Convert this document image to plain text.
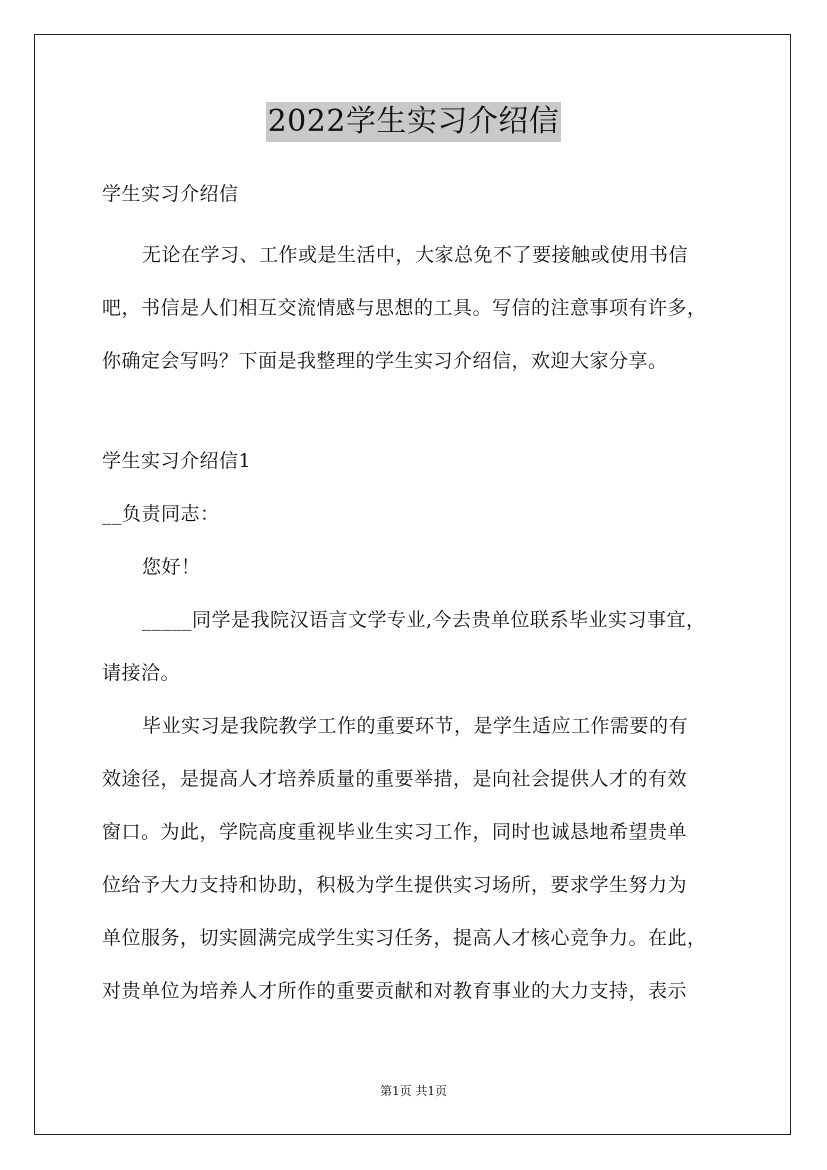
2022学生实习介绍信
学生实习介绍信
无论在学习、工作或是生活中，大家总免不了要接触或使用书信
吧，书信是人们相互交流情感与思想的工具。写信的注意事项有许多，
你确定会写吗？下面是我整理的学生实习介绍信，欢迎大家分享。
学生实习介绍信1
__负责同志：
您好！
_____同学是我院汉语言文学专业,今去贵单位联系毕业实习事宜，
请接洽。
毕业实习是我院教学工作的重要环节，是学生适应工作需要的有
效途径，是提高人才培养质量的重要举措，是向社会提供人才的有效
窗口。为此，学院高度重视毕业生实习工作，同时也诚恳地希望贵单
位给予大力支持和协助，积极为学生提供实习场所，要求学生努力为
单位服务，切实圆满完成学生实习任务，提高人才核心竞争力。在此，
对贵单位为培养人才所作的重要贡献和对教育事业的大力支持，表示
第1页 共1页
